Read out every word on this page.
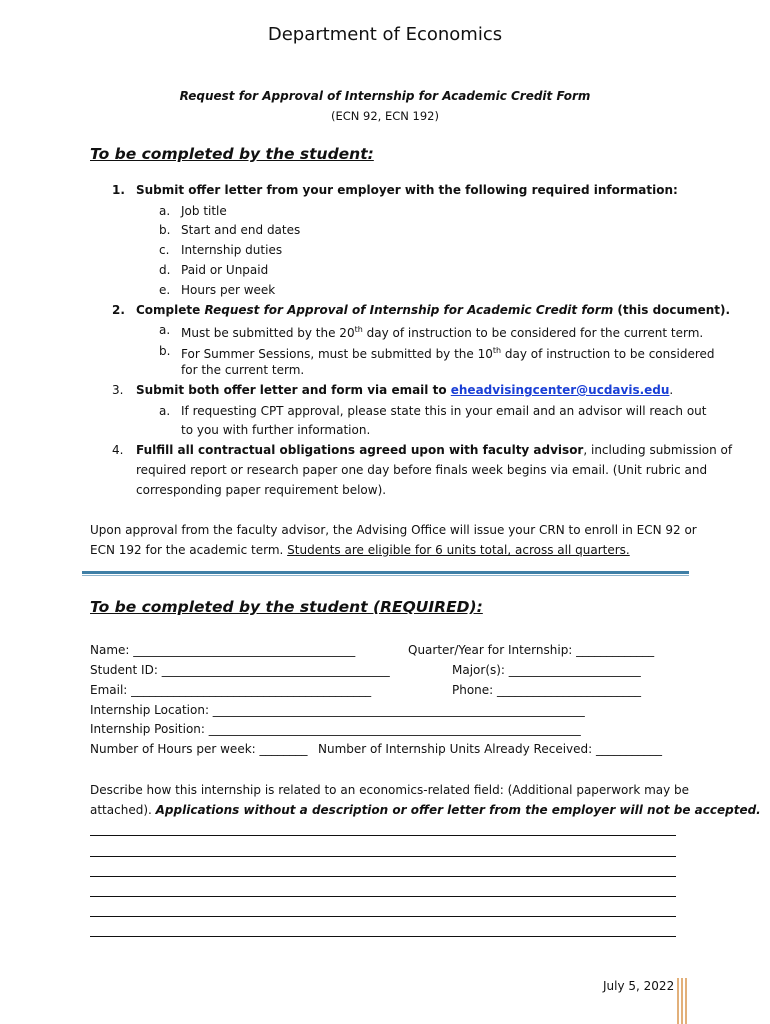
Department of Economics
Request for Approval of Internship for Academic Credit Form
(ECN 92, ECN 192)
To be completed by the student:
1. Submit offer letter from your employer with the following required information:
a. Job title
b. Start and end dates
c. Internship duties
d. Paid or Unpaid
e. Hours per week
2. Complete Request for Approval of Internship for Academic Credit form (this document).
a. Must be submitted by the 20th day of instruction to be considered for the current term.
b. For Summer Sessions, must be submitted by the 10th day of instruction to be considered
for the current term.
3. Submit both offer letter and form via email to eheadvisingcenter@ucdavis.edu.
a. If requesting CPT approval, please state this in your email and an advisor will reach out
to you with further information.
4. Fulfill all contractual obligations agreed upon with faculty advisor, including submission of
required report or research paper one day before finals week begins via email. (Unit rubric and
corresponding paper requirement below).
Upon approval from the faculty advisor, the Advising Office will issue your CRN to enroll in ECN 92 or
ECN 192 for the academic term. Students are eligible for 6 units total, across all quarters.
To be completed by the student (REQUIRED):
Name: _____________________________________	Quarter/Year for Internship: _____________
Student ID: ______________________________________	Major(s): ______________________
Email: ________________________________________	Phone: ________________________
Internship Location: ______________________________________________________________
Internship Position: ______________________________________________________________
Number of Hours per week: ________ Number of Internship Units Already Received: ___________
Describe how this internship is related to an economics-related field: (Additional paperwork may be
attached). Applications without a description or offer letter from the employer will not be accepted.
July 5, 2022
